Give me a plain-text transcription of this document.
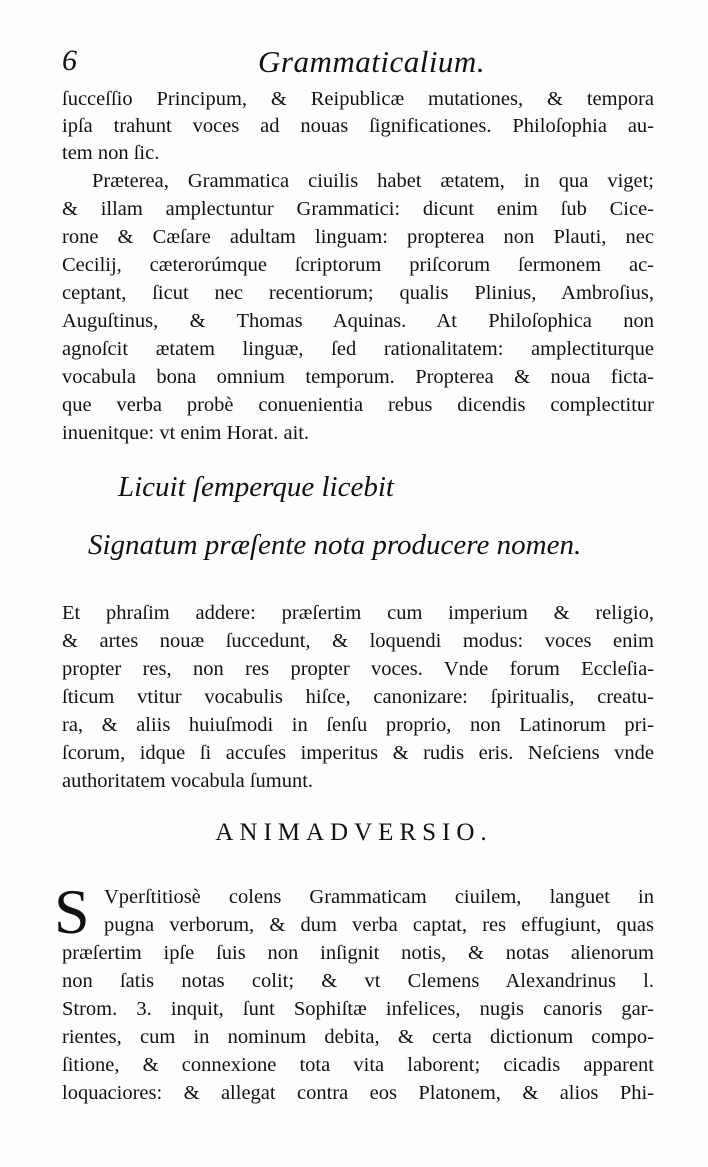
6	Grammaticalium.
ſucceſſio Principum, & Reipublicæ mutationes, & tempora
ipſa trahunt voces ad nouas ſignificationes. Philoſophia au-
tem non ſic.
Præterea, Grammatica ciuilis habet ætatem, in qua viget;
& illam amplectuntur Grammatici: dicunt enim ſub Cice-
rone & Cæſare adultam linguam: propterea non Plauti, nec
Cecilij, cæterorúmque ſcriptorum priſcorum ſermonem ac-
ceptant, ſicut nec recentiorum; qualis Plinius, Ambroſius,
Auguſtinus, & Thomas Aquinas. At Philoſophica non
agnoſcit ætatem linguæ, ſed rationalitatem: amplectiturque
vocabula bona omnium temporum. Propterea & noua ficta-
que verba probè conuenientia rebus dicendis complectitur
inuenitque: vt enim Horat. ait.
Licuit ſemperque licebit
Signatum præſente nota producere nomen.
Et phraſim addere: præſertim cum imperium & religio,
& artes nouæ ſuccedunt, & loquendi modus: voces enim
propter res, non res propter voces. Vnde forum Eccleſia-
ſticum vtitur vocabulis hiſce, canonizare: ſpiritualis, creatu-
ra, & aliis huiuſmodi in ſenſu proprio, non Latinorum pri-
ſcorum, idque ſi accuſes imperitus & rudis eris. Neſciens vnde
authoritatem vocabula ſumunt.
ANIMADVERSIO.
S Vperſtitiosè colens Grammaticam ciuilem, languet in
pugna verborum, & dum verba captat, res effugiunt, quas
præſertim ipſe ſuis non inſignit notis, & notas alienorum
non ſatis notas colit; & vt Clemens Alexandrinus l.
Strom. 3. inquit, ſunt Sophiſtæ infelices, nugis canoris gar-
rientes, cum in nominum debita, & certa dictionum compo-
ſitione, & connexione tota vita laborent; cicadis apparent
loquaciores: & allegat contra eos Platonem, & alios Phi-
